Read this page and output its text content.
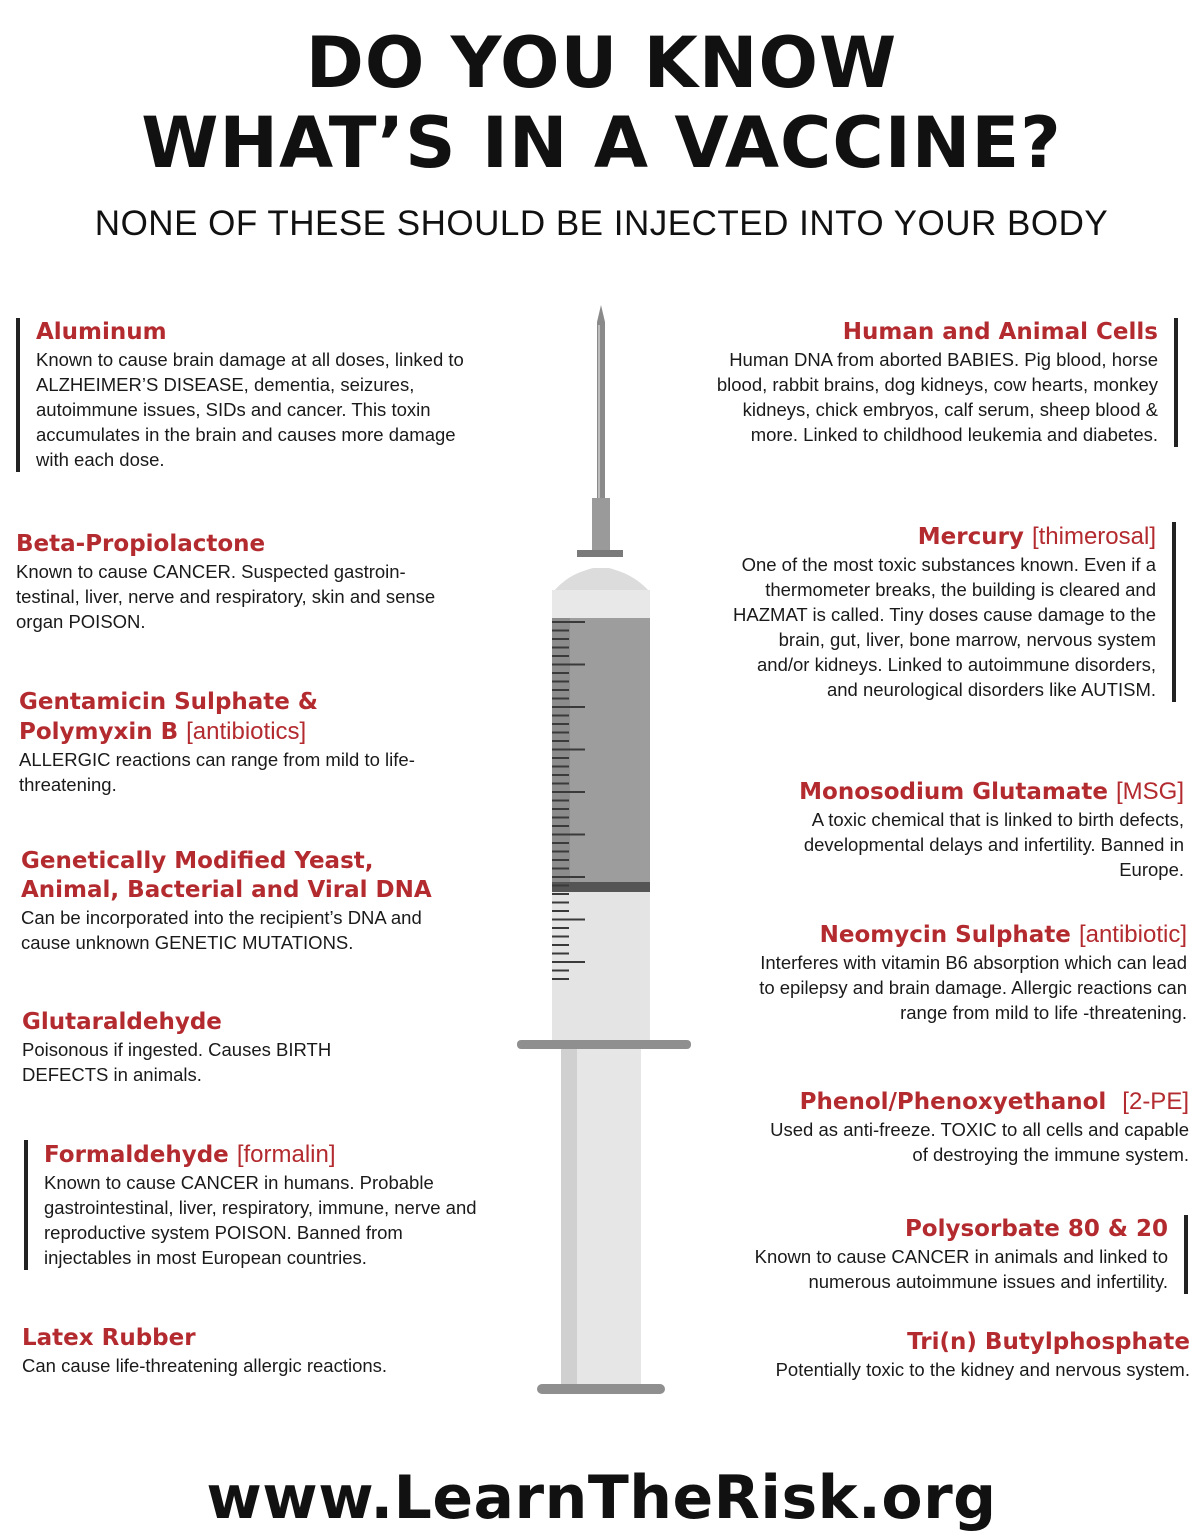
DO YOU KNOW
WHAT’S IN A VACCINE?
NONE OF THESE SHOULD BE INJECTED INTO YOUR BODY
Aluminum

Known to cause brain damage at all doses, linked to ALZHEIMER’S DISEASE, dementia, seizures, autoimmune issues, SIDs and cancer. This toxin accumulates in the brain and causes more damage with each dose.

Beta-Propiolactone

Known to cause CANCER. Suspected gastroin-testinal, liver, nerve and respiratory, skin and sense organ POISON.

Gentamicin Sulphate & Polymyxin B [antibiotics]

ALLERGIC reactions can range from mild to life-threatening.

Genetically Modified Yeast, Animal, Bacterial and Viral DNA

Can be incorporated into the recipient’s DNA and cause unknown GENETIC MUTATIONS.

Glutaraldehyde

Poisonous if ingested. Causes BIRTH DEFECTS in animals.

Formaldehyde [formalin]

Known to cause CANCER in humans. Probable gastrointestinal, liver, respiratory, immune, nerve and reproductive system POISON. Banned from injectables in most European countries.

Latex Rubber

Can cause life-threatening allergic reactions.

Human and Animal Cells

Human DNA from aborted BABIES. Pig blood, horse blood, rabbit brains, dog kidneys, cow hearts, monkey kidneys, chick embryos, calf serum, sheep blood & more. Linked to childhood leukemia and diabetes.

Mercury [thimerosal]

One of the most toxic substances known. Even if a thermometer breaks, the building is cleared and HAZMAT is called. Tiny doses cause damage to the brain, gut, liver, bone marrow, nervous system and/or kidneys. Linked to autoimmune disorders, and neurological disorders like AUTISM.

Monosodium Glutamate [MSG]

A toxic chemical that is linked to birth defects, developmental delays and infertility. Banned in Europe.

Neomycin Sulphate [antibiotic]

Interferes with vitamin B6 absorption which can lead to epilepsy and brain damage. Allergic reactions can range from mild to life -threatening.

Phenol/Phenoxyethanol [2-PE]

Used as anti-freeze. TOXIC to all cells and capable of destroying the immune system.

Polysorbate 80 & 20

Known to cause CANCER in animals and linked to numerous autoimmune issues and infertility.

Tri(n) Butylphosphate

Potentially toxic to the kidney and nervous system.

www.LearnTheRisk.org
